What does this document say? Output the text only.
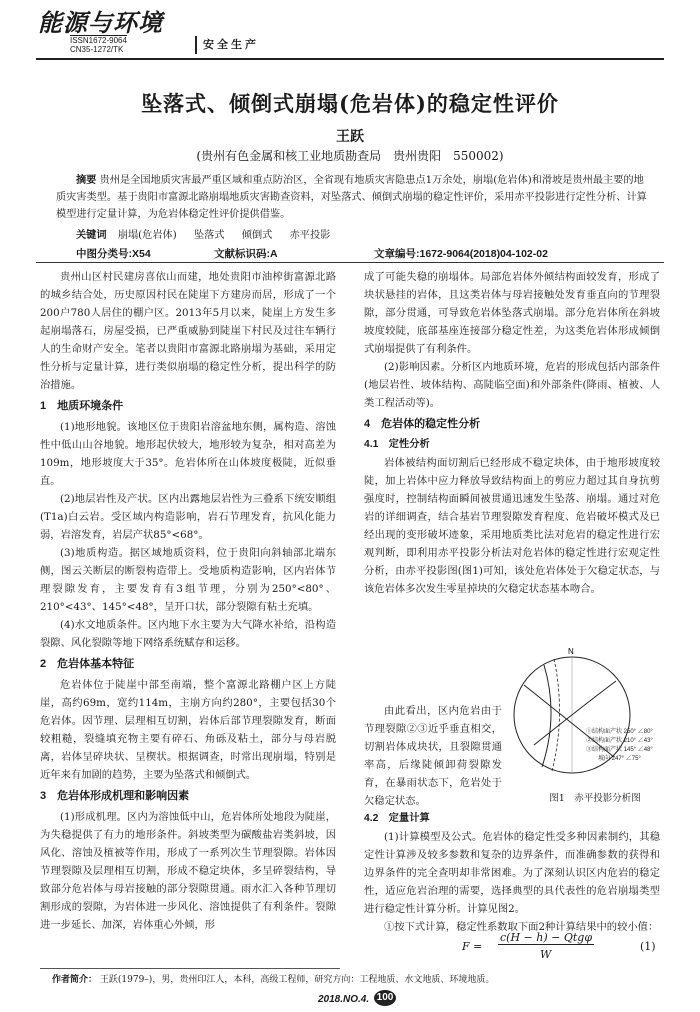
能源与环境
ISSN1672-9064
CN35-1272/TK	安全生产
坠落式、倾倒式崩塌(危岩体)的稳定性评价
王跃
(贵州有色金属和核工业地质勘查局　贵州贵阳　550002)
摘要 贵州是全国地质灾害最严重区域和重点防治区，全省现有地质灾害隐患点1万余处，崩塌(危岩体)和滑坡是贵州最主要的地质灾害类型。基于贵阳市富源北路崩塌地质灾害勘查资料，对坠落式、倾倒式崩塌的稳定性评价，采用赤平投影进行定性分析、计算模型进行定量计算，为危岩体稳定性评价提供借鉴。
关键词 崩塌(危岩体) 坠落式 倾倒式 赤平投影
中图分类号:X54	文献标识码:A	文章编号:1672-9064(2018)04-102-02

贵州山区村民建房喜依山而建，地处贵阳市油榨街富源北路的城乡结合处，历史原因村民在陡崖下方建房而居，形成了一个200户780人居住的棚户区。2013年5月以来，陡崖上方发生多起崩塌落石，房屋受损，已严重威胁到陡崖下村民及过往车辆行人的生命财产安全。笔者以贵阳市富源北路崩塌为基础，采用定性分析与定量计算，进行类似崩塌的稳定性分析，提出科学的防治措施。

1　地质环境条件

(1)地形地貌。该地区位于贵阳岩溶盆地东侧，属构造、溶蚀性中低山山谷地貌。地形起伏较大，地形较为复杂，相对高差为109m，地形坡度大于35°。危岩体所在山体坡度极陡，近似垂直。

(2)地层岩性及产状。区内出露地层岩性为三叠系下统安顺组(T1a)白云岩。受区域内构造影响，岩石节理发育，抗风化能力弱，岩溶发育，岩层产状85°<68°。

(3)地质构造。据区域地质资料，位于贵阳向斜轴部北端东侧，图云关断层的断裂构造带上。受地质构造影响，区内岩体节理裂隙发育，主要发育有3组节理，分别为250°<80°、210°<43°、145°<48°，呈开口状，部分裂隙有粘土充填。

(4)水文地质条件。区内地下水主要为大气降水补给，沿构造裂隙、风化裂隙等地下网络系统赋存和运移。

2　危岩体基本特征

危岩体位于陡崖中部至南端，整个富源北路棚户区上方陡崖，高约69m，宽约114m，主崩方向约280°，主要包括30个危岩体。因节理、层理相互切割，岩体后部节理裂隙发育，断面较粗糙，裂缝填充物主要有碎石、角砾及粘土，部分与母岩脱离，岩体呈碎块状、呈楔状。根据调查，时常出现崩塌，特别是近年来有加剧的趋势，主要为坠落式和倾倒式。

3　危岩体形成机理和影响因素

(1)形成机理。区内为溶蚀低中山，危岩体所处地段为陡崖，为失稳提供了有力的地形条件。斜坡类型为碳酸盐岩类斜坡，因风化、溶蚀及植被等作用，形成了一系列次生节理裂隙。岩体因节理裂隙及层理相互切割，形成不稳定块体，多呈碎裂结构，导致部分危岩体与母岩接触的部分裂隙贯通。雨水汇入各种节理切割形成的裂隙，为岩体进一步风化、溶蚀提供了有利条件。裂隙进一步延长、加深，岩体重心外倾，形

成了可能失稳的崩塌体。局部危岩体外倾结构面较发育，形成了块状悬挂的岩体，且这类岩体与母岩接触处发育垂直向的节理裂隙，部分贯通，可导致危岩体坠落式崩塌。部分危岩体所在斜坡坡度较陡，底部基座连接部分稳定性差，为这类危岩体形成倾倒式崩塌提供了有利条件。

(2)影响因素。分析区内地质环境，危岩的形成包括内部条件(地层岩性、坡体结构、高陡临空面)和外部条件(降雨、植被、人类工程活动等)。

4　危岩体的稳定性分析
4.1　定性分析

岩体被结构面切割后已经形成不稳定块体，由于地形坡度较陡，加上岩体中应力释放导致结构面上的剪应力超过其自身抗剪强度时，控制结构面瞬间被贯通迅速发生坠落、崩塌。通过对危岩的详细调查，结合基岩节理裂隙发育程度、危岩破坏模式及已经出现的变形破坏迹象，采用地质类比法对危岩的稳定性进行宏观判断，即利用赤平投影分析法对危岩体的稳定性进行宏观定性分析，由赤平投影图(图1)可知，该处危岩体处于欠稳定状态，与该危岩体多次发生零星掉块的欠稳定状态基本吻合。

由此看出，区内危岩由于节理裂隙②③近乎垂直相交，切割岩体成块状，且裂隙贯通率高，后缘陡倾卸荷裂隙发育，在暴雨状态下，危岩处于欠稳定状态。

N
①结构面产状 250° ∠80°
②结构面产状 210° ∠43°
③结构面产状 145° ∠48°
坡向 247° ∠75°
图1　赤平投影分析图
4.2　定量计算

(1)计算模型及公式。危岩体的稳定性受多种因素制约，其稳定性计算涉及较多参数和复杂的边界条件，而准确参数的获得和边界条件的完全查明却非常困难。为了深刻认识区内危岩的稳定性，适应危岩治理的需要，选择典型的具代表性的危岩崩塌类型进行稳定性计算分析。计算见图2。

①按下式计算，稳定性系数取下面2种计算结果中的较小值：

F =
c(H − h) − Qtgφ
W
(1)
作者简介： 王跃(1979–)，男，贵州印江人，本科，高级工程师，研究方向：工程地质、水文地质、环境地质。
2018.NO.4. 100
